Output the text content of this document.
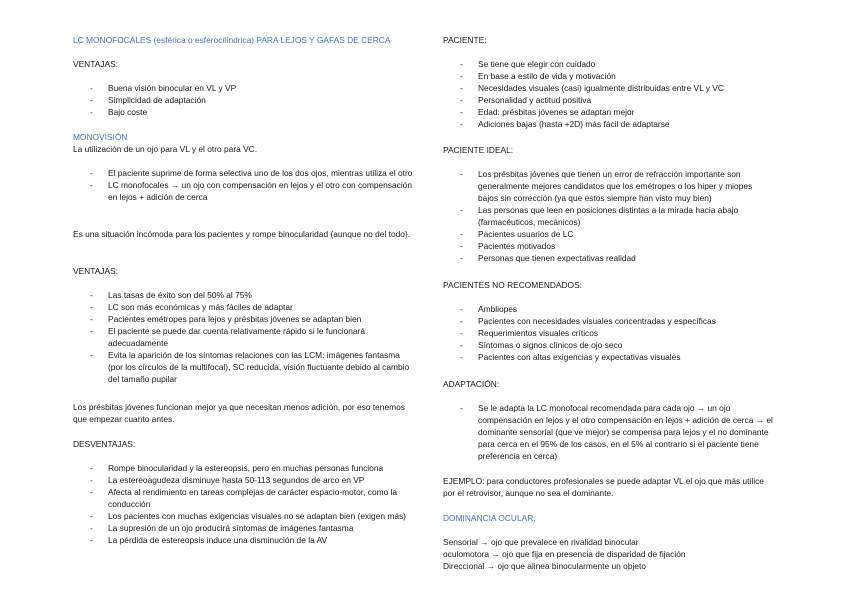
LC MONOFOCALES (esférica o esferocilíndrica) PARA LEJOS Y GAFAS DE CERCA

VENTAJAS:

- Buena visión binocular en VL y VP
- Simplicidad de adaptación
- Bajo coste

MONOVISIÓN

La utilización de un ojo para VL y el otro para VC.

- El paciente suprime de forma selectiva uno de los dos ojos, mientras utiliza el otro
- LC monofocales → un ojo con compensación en lejos y el otro con compensación en lejos + adición de cerca

Es una situación incómoda para los pacientes y rompe binocularidad (aunque no del todo).

VENTAJAS:

- Las tasas de éxito son del 50% al 75%
- LC son más económicas y más fáciles de adaptar
- Pacientes emétropes para lejos y présbitas jóvenes se adaptan bien
- El paciente se puede dar cuenta relativamente rápido si le funcionará adecuadamente
- Evita la aparición de los síntomas relaciones con las LCM: imágenes fantasma (por los círculos de la multifocal), SC reducida, visión fluctuante debido al cambio del tamaño pupilar

Los présbitas jóvenes funcionan mejor ya que necesitan menos adición, por eso tenemos que empezar cuanto antes.

DESVENTAJAS:

- Rompe binocularidad y la estereopsis, pero en muchas personas funciona
- La estereoagudeza disminuye hasta 50-113 segundos de arco en VP
- Afecta al rendimiento en tareas complejas de carácter espacio-motor, como la conducción
- Los pacientes con muchas exigencias visuales no se adaptan bien (exigen más)
- La supresión de un ojo producirá síntomas de imágenes fantasma
- La pérdida de estereopsis induce una disminución de la AV

PACIENTE:

- Se tiene que elegir con cuidado
- En base a estilo de vida y motivación
- Necesidades visuales (casi) igualmente distribuidas entre VL y VC
- Personalidad y actitud positiva
- Edad: présbitas jóvenes se adaptan mejor
- Adiciones bajas (hasta +2D) más fácil de adaptarse

PACIENTE IDEAL:

- Los présbitas jóvenes que tienen un error de refracción importante son generalmente mejores candidatos que los emétropes o los hiper y miopes bajos sin corrección (ya que estos siempre han visto muy bien)
- Las personas que leen en posiciones distintas a la mirada hacia abajo (farmacéuticos, mecánicos)
- Pacientes usuarios de LC
- Pacientes motivados
- Personas que tienen expectativas realidad

PACIENTES NO RECOMENDADOS:

- Ambliopes
- Pacientes con necesidades visuales concentradas y específicas
- Requerimientos visuales críticos
- Síntomas o signos clínicos de ojo seco
- Pacientes con altas exigencias y expectativas visuales

ADAPTACIÓN:

- Se le adapta la LC monofocal recomendada para cada ojo → un ojo compensación en lejos y el otro compensación en lejos + adición de cerca → el dominante sensorial (que ve mejor) se compensa para lejos y el no dominante para cerca en el 95% de los casos, en el 5% al contrario si el paciente tiene preferencia en cerca)

EJEMPLO: para conductores profesionales se puede adaptar VL el ojo que más utilice por el retrovisor, aunque no sea el dominante.

DOMINANCIA OCULAR:

Sensorial → ojo que prevalece en rivalidad binocular

oculomotora → ojo que fija en presencia de disparidad de fijación

Direccional → ojo que alinea binocularmente un objeto
